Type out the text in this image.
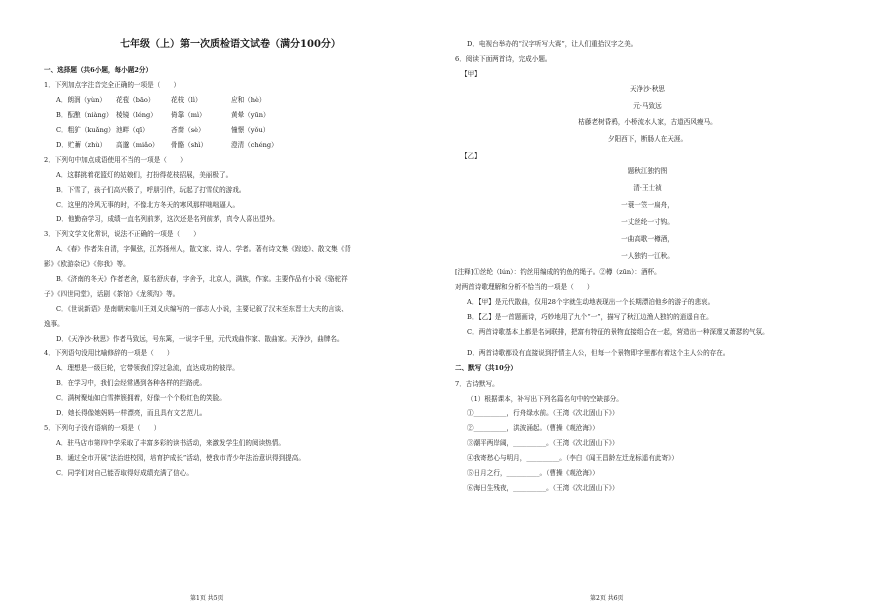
七年级（上）第一次质检语文试卷（满分100分）
一、选择题（共6小题，每小题2分）
1．下列加点字注音完全正确的一项是（　　）
A．朗润（yùn）	花苞（bāo）	花枝（lì）	应和（hè）
B．酝酿（niàng） 棱镜（léng）	倚靠（mì）	黄晕（yūn）
C．粗犷（kuǎng） 池畔（qī）	吝啬（sè）	憧憬（yǒu）
D．贮蓄（zhù）	高邈（miǎo）	骨骼（shì）	澄清（chéng）
2．下列句中加点成语使用不当的一项是（　　）
A．这群挑着花篮灯的姑娘们，打扮得花枝招展，美丽极了。
B．下雪了，孩子们高兴极了，呼朋引伴，玩起了打雪仗的游戏。
C．这里的冷风无事的时，不像北方冬天的寒风那样咄咄逼人。
D．他勤奋学习，成绩一直名列前茅，这次还是名列前茅，真令人喜出望外。
3．下列文学文化常识，说法不正确的一项是（　　）
A．《春》作者朱自清，字佩弦，江苏扬州人，散文家、诗人、学者。著有诗文集《踪迹》、散文集《背
影》《欧游杂记》《你我》等。
B．《济南的冬天》作者老舍，原名舒庆春，字舍予，北京人，满族，作家。主要作品有小说《骆驼祥
子》《四世同堂》，话剧《茶馆》《龙须沟》等。
C．《世说新语》是南朝宋临川王刘义庆编写的一部志人小说，主要记叙了汉末至东晋士大夫的言谈、
逸事。
D．《天净沙·秋思》作者马致远，号东篱，一说字千里，元代戏曲作家、散曲家。天净沙，曲牌名。
4．下列语句没用比喻修辞的一项是（　　）
A．理想是一级巨轮，它带领我们穿过急流，直达成功的彼岸。
B．在学习中，我们会经常遇到各种各样的拦路虎。
C．满树聚灿如白雪捧簇拥着，好像一个个粉红色的笑脸。
D．她长得像她妈妈一样漂亮，而且具有文艺范儿。
5．下列句子没有语病的一项是（　　）
A．驻马店市第四中学采取了丰富多彩的读书活动，来激发学生们的阅读热情。
B．通过全市开展“法治进校园，培育护成长”活动，使我市青少年法治意识得到提高。
C．同学们对自己能否取得好成绩充满了信心。
第1页 共5页
D．电视台举办的“汉字听写大赛”，让人们重拾汉字之美。
6．阅读下面两首诗，完成小题。
【甲】
天净沙·秋思
元·马致远
枯藤老树昏鸦，小桥流水人家，古道西风瘦马。
夕阳西下，断肠人在天涯。
【乙】
题秋江独钓图
清·王士祯
一蓑一笠一扁舟，
一丈丝纶一寸钩。
一曲高歌一樽酒，
一人独钓一江秋。
[注释]①丝纶（lún）：钓丝用编成的钓鱼的绳子。②樽（zūn）：酒杯。
对两首诗歌理解和分析不恰当的一项是（　　）
A．【甲】是元代散曲，仅用28个字就生动地表现出一个长期漂泊他乡的游子的悲哀。
B．【乙】是一首题画诗，巧妙地用了九个“一”，描写了秋江边渔人独钓的逍遥自在。
C．两首诗歌基本上都是名词联排，把富有特征的景物直接组合在一起，营造出一种深邃又萧瑟的气氛。
D．两首诗歌都设有直接说到抒情主人公，但每一个景物即字里都有着这个主人公的存在。
二、默写（共10分）
7．古诗默写。
（1）根据课本，补写出下列名篇名句中的空缺部分。
①__________，行舟绿水前。（王湾《次北固山下》）
②__________，洪波涌起。（曹操《观沧海》）
③潮平两岸阔，__________。（王湾《次北固山下》）
④我寄愁心与明月，__________。（李白《闻王昌龄左迁龙标遥有此寄》）
⑤日月之行，__________。（曹操《观沧海》）
⑥海日生残夜，__________。（王湾《次北固山下》）
第2页 共6页
